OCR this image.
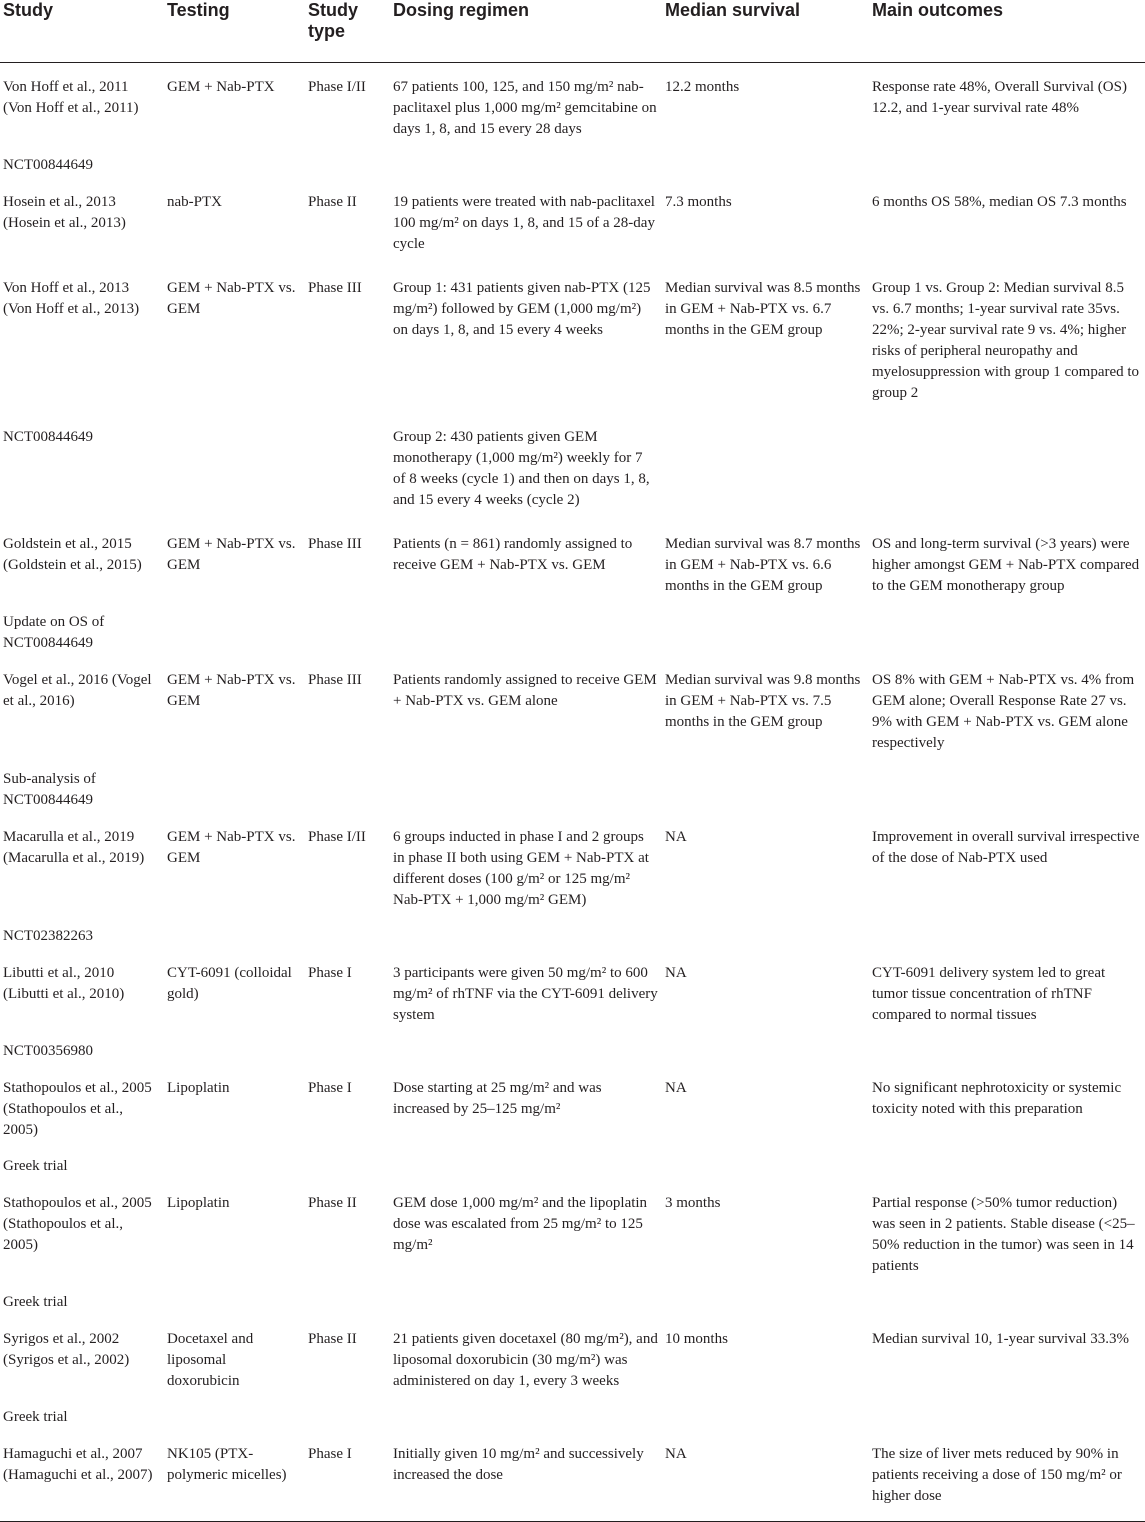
Study	Testing	Study type	Dosing regimen	Median survival	Main outcomes
Von Hoff et al., 2011 (Von Hoff et al., 2011)	GEM + Nab-PTX	Phase I/II	67 patients 100, 125, and 150 mg/m² nab-paclitaxel plus 1,000 mg/m² gemcitabine on days 1, 8, and 15 every 28 days	12.2 months	Response rate 48%, Overall Survival (OS) 12.2, and 1-year survival rate 48%
NCT00844649					
Hosein et al., 2013 (Hosein et al., 2013)	nab-PTX	Phase II	19 patients were treated with nab-paclitaxel 100 mg/m² on days 1, 8, and 15 of a 28-day cycle	7.3 months	6 months OS 58%, median OS 7.3 months
Von Hoff et al., 2013 (Von Hoff et al., 2013)	GEM + Nab-PTX vs. GEM	Phase III	Group 1: 431 patients given nab-PTX (125 mg/m²) followed by GEM (1,000 mg/m²) on days 1, 8, and 15 every 4 weeks	Median survival was 8.5 months in GEM + Nab-PTX vs. 6.7 months in the GEM group	Group 1 vs. Group 2: Median survival 8.5 vs. 6.7 months; 1-year survival rate 35vs. 22%; 2-year survival rate 9 vs. 4%; higher risks of peripheral neuropathy and myelosuppression with group 1 compared to group 2
NCT00844649			Group 2: 430 patients given GEM monotherapy (1,000 mg/m²) weekly for 7 of 8 weeks (cycle 1) and then on days 1, 8, and 15 every 4 weeks (cycle 2)		
Goldstein et al., 2015 (Goldstein et al., 2015)	GEM + Nab-PTX vs. GEM	Phase III	Patients (n = 861) randomly assigned to receive GEM + Nab-PTX vs. GEM	Median survival was 8.7 months in GEM + Nab-PTX vs. 6.6 months in the GEM group	OS and long-term survival (>3 years) were higher amongst GEM + Nab-PTX compared to the GEM monotherapy group
Update on OS of NCT00844649					
Vogel et al., 2016 (Vogel et al., 2016)	GEM + Nab-PTX vs. GEM	Phase III	Patients randomly assigned to receive GEM + Nab-PTX vs. GEM alone	Median survival was 9.8 months in GEM + Nab-PTX vs. 7.5 months in the GEM group	OS 8% with GEM + Nab-PTX vs. 4% from GEM alone; Overall Response Rate 27 vs. 9% with GEM + Nab-PTX vs. GEM alone respectively
Sub-analysis of NCT00844649					
Macarulla et al., 2019 (Macarulla et al., 2019)	GEM + Nab-PTX vs. GEM	Phase I/II	6 groups inducted in phase I and 2 groups in phase II both using GEM + Nab-PTX at different doses (100 g/m² or 125 mg/m² Nab-PTX + 1,000 mg/m² GEM)	NA	Improvement in overall survival irrespective of the dose of Nab-PTX used
NCT02382263					
Libutti et al., 2010 (Libutti et al., 2010)	CYT-6091 (colloidal gold)	Phase I	3 participants were given 50 mg/m² to 600 mg/m² of rhTNF via the CYT-6091 delivery system	NA	CYT-6091 delivery system led to great tumor tissue concentration of rhTNF compared to normal tissues
NCT00356980					
Stathopoulos et al., 2005 (Stathopoulos et al., 2005)	Lipoplatin	Phase I	Dose starting at 25 mg/m² and was increased by 25–125 mg/m²	NA	No significant nephrotoxicity or systemic toxicity noted with this preparation
Greek trial					
Stathopoulos et al., 2005 (Stathopoulos et al., 2005)	Lipoplatin	Phase II	GEM dose 1,000 mg/m² and the lipoplatin dose was escalated from 25 mg/m² to 125 mg/m²	3 months	Partial response (>50% tumor reduction) was seen in 2 patients. Stable disease (<25–50% reduction in the tumor) was seen in 14 patients
Greek trial					
Syrigos et al., 2002 (Syrigos et al., 2002)	Docetaxel and liposomal doxorubicin	Phase II	21 patients given docetaxel (80 mg/m²), and liposomal doxorubicin (30 mg/m²) was administered on day 1, every 3 weeks	10 months	Median survival 10, 1-year survival 33.3%
Greek trial					
Hamaguchi et al., 2007 (Hamaguchi et al., 2007)	NK105 (PTX-polymeric micelles)	Phase I	Initially given 10 mg/m² and successively increased the dose	NA	The size of liver mets reduced by 90% in patients receiving a dose of 150 mg/m² or higher dose
